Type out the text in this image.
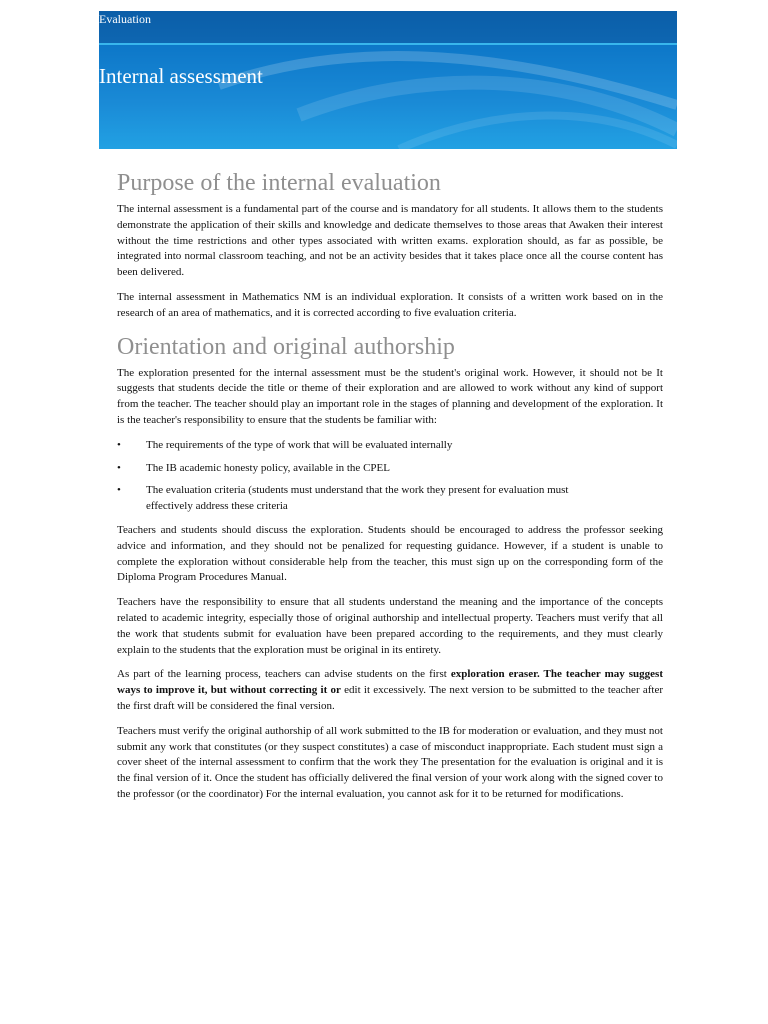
Evaluation
Internal assessment
Purpose of the internal evaluation

The internal assessment is a fundamental part of the course and is mandatory for all students. It allows them to the students demonstrate the application of their skills and knowledge and dedicate themselves to those areas that Awaken their interest without the time restrictions and other types associated with written exams. exploration should, as far as possible, be integrated into normal classroom teaching, and not be an activity besides that it takes place once all the course content has been delivered.

The internal assessment in Mathematics NM is an individual exploration. It consists of a written work based on in the research of an area of mathematics, and it is corrected according to five evaluation criteria.

Orientation and original authorship

The exploration presented for the internal assessment must be the student's original work. However, it should not be It suggests that students decide the title or theme of their exploration and are allowed to work without any kind of support from the teacher. The teacher should play an important role in the stages of planning and development of the exploration. It is the teacher's responsibility to ensure that the students be familiar with:

• The requirements of the type of work that will be evaluated internally
• The IB academic honesty policy, available in the CPEL
• The evaluation criteria (students must understand that the work they present for evaluation must effectively address these criteria

Teachers and students should discuss the exploration. Students should be encouraged to address the professor seeking advice and information, and they should not be penalized for requesting guidance. However, if a student is unable to complete the exploration without considerable help from the teacher, this must sign up on the corresponding form of the Diploma Program Procedures Manual.

Teachers have the responsibility to ensure that all students understand the meaning and the importance of the concepts related to academic integrity, especially those of original authorship and intellectual property. Teachers must verify that all the work that students submit for evaluation have been prepared according to the requirements, and they must clearly explain to the students that the exploration must be original in its entirety.

As part of the learning process, teachers can advise students on the first exploration eraser. The teacher may suggest ways to improve it, but without correcting it or edit it excessively. The next version to be submitted to the teacher after the first draft will be considered the final version.

Teachers must verify the original authorship of all work submitted to the IB for moderation or evaluation, and they must not submit any work that constitutes (or they suspect constitutes) a case of misconduct inappropriate. Each student must sign a cover sheet of the internal assessment to confirm that the work they The presentation for the evaluation is original and it is the final version of it. Once the student has officially delivered the final version of your work along with the signed cover to the professor (or the coordinator) For the internal evaluation, you cannot ask for it to be returned for modifications.
